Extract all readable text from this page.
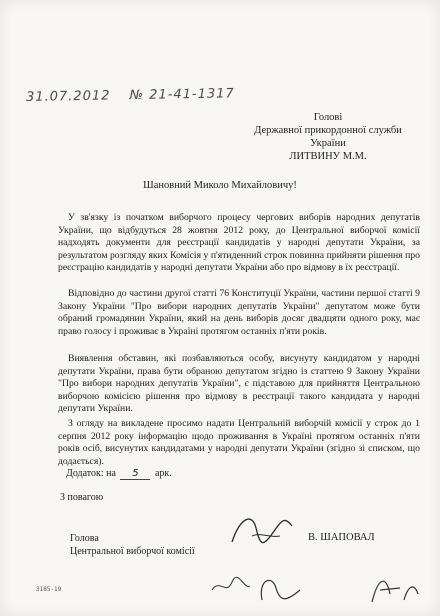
31.07.2012 № 21-41-1317
Голові
Державної прикордонної служби
України
ЛИТВИНУ М.М.
Шановний Миколо Михайловичу!
У зв'язку із початком виборчого процесу чергових виборів народних депутатів України, що відбудуться 28 жовтня 2012 року, до Центральної виборчої комісії надходять документи для реєстрації кандидатів у народні депутати України, за результатом розгляду яких Комісія у п'ятиденний строк повинна прийняти рішення про реєстрацію кандидатів у народні депутати України або про відмову в їх реєстрації.
Відповідно до частини другої статті 76 Конституції України, частини першої статті 9 Закону України "Про вибори народних депутатів України" депутатом може бути обраний громадянин України, який на день виборів досяг двадцяти одного року, має право голосу і проживає в Україні протягом останніх п'яти років.
Виявлення обставин, які позбавляються особу, висунуту кандидатом у народні депутати України, права бути обраною депутатом згідно із статтею 9 Закону України "Про вибори народних депутатів України", є підставою для прийняття Центральною виборчою комісією рішення про відмову в реєстрації такого кандидата у народні депутати України.
З огляду на викладене просимо надати Центральній виборчій комісії у строк до 1 серпня 2012 року інформацію щодо проживання в Україні протягом останніх п'яти років осіб, висунутих кандидатами у народні депутати України (згідно зі списком, що додається).
Додаток: на 5 арк.
З повагою
Голова
Центральної виборчої комісії
В. ШАПОВАЛ
3185-19
